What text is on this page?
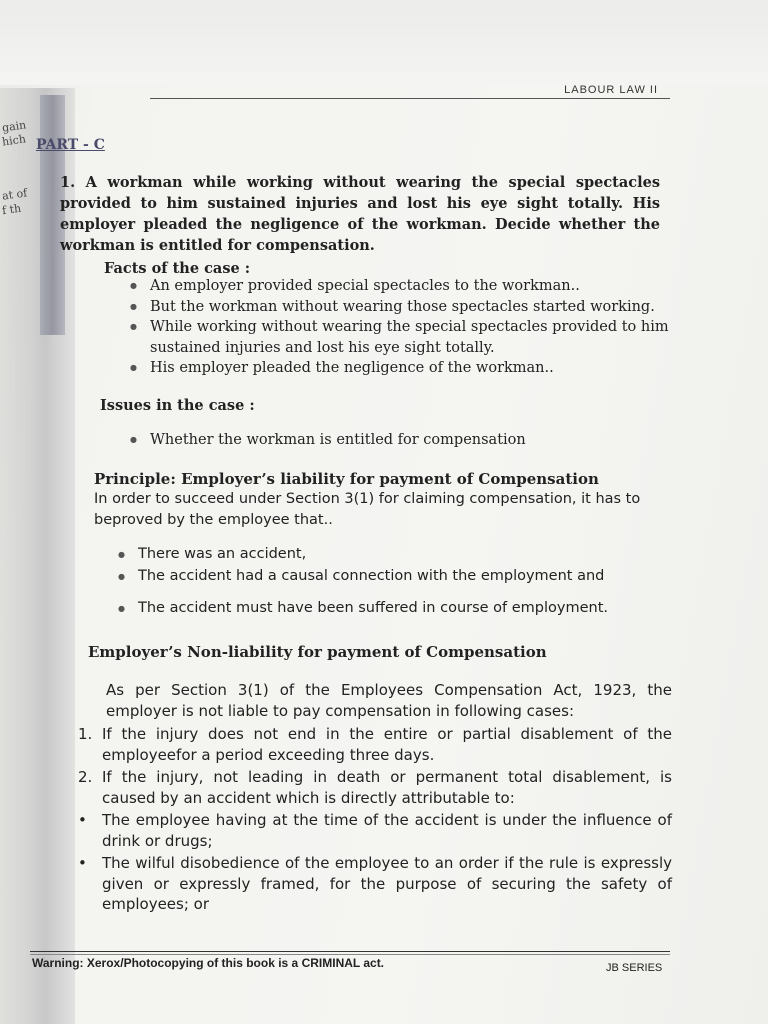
gain
hich
at of
f th
LABOUR LAW II
PART - C
1. A workman while working without wearing the special spectacles provided to him sustained injuries and lost his eye sight totally. His employer pleaded the negligence of the workman. Decide whether the workman is entitled for compensation.
Facts of the case :
● An employer provided special spectacles to the workman..
● But the workman without wearing those spectacles started working.
● While working without wearing the special spectacles provided to him sustained injuries and lost his eye sight totally.
● His employer pleaded the negligence of the workman..
Issues in the case :
● Whether the workman is entitled for compensation
Principle: Employer’s liability for payment of Compensation
In order to succeed under Section 3(1) for claiming compensation, it has to beproved by the employee that..
● There was an accident,
● The accident had a causal connection with the employment and
● The accident must have been suffered in course of employment.
Employer’s Non-liability for payment of Compensation
As per Section 3(1) of the Employees Compensation Act, 1923, the employer is not liable to pay compensation in following cases:
1. If the injury does not end in the entire or partial disablement of the employeefor a period exceeding three days.
2. If the injury, not leading in death or permanent total disablement, is caused by an accident which is directly attributable to:
• The employee having at the time of the accident is under the influence of drink or drugs;
• The wilful disobedience of the employee to an order if the rule is expressly given or expressly framed, for the purpose of securing the safety of employees; or
Warning: Xerox/Photocopying of this book is a CRIMINAL act.	JB SERIES
